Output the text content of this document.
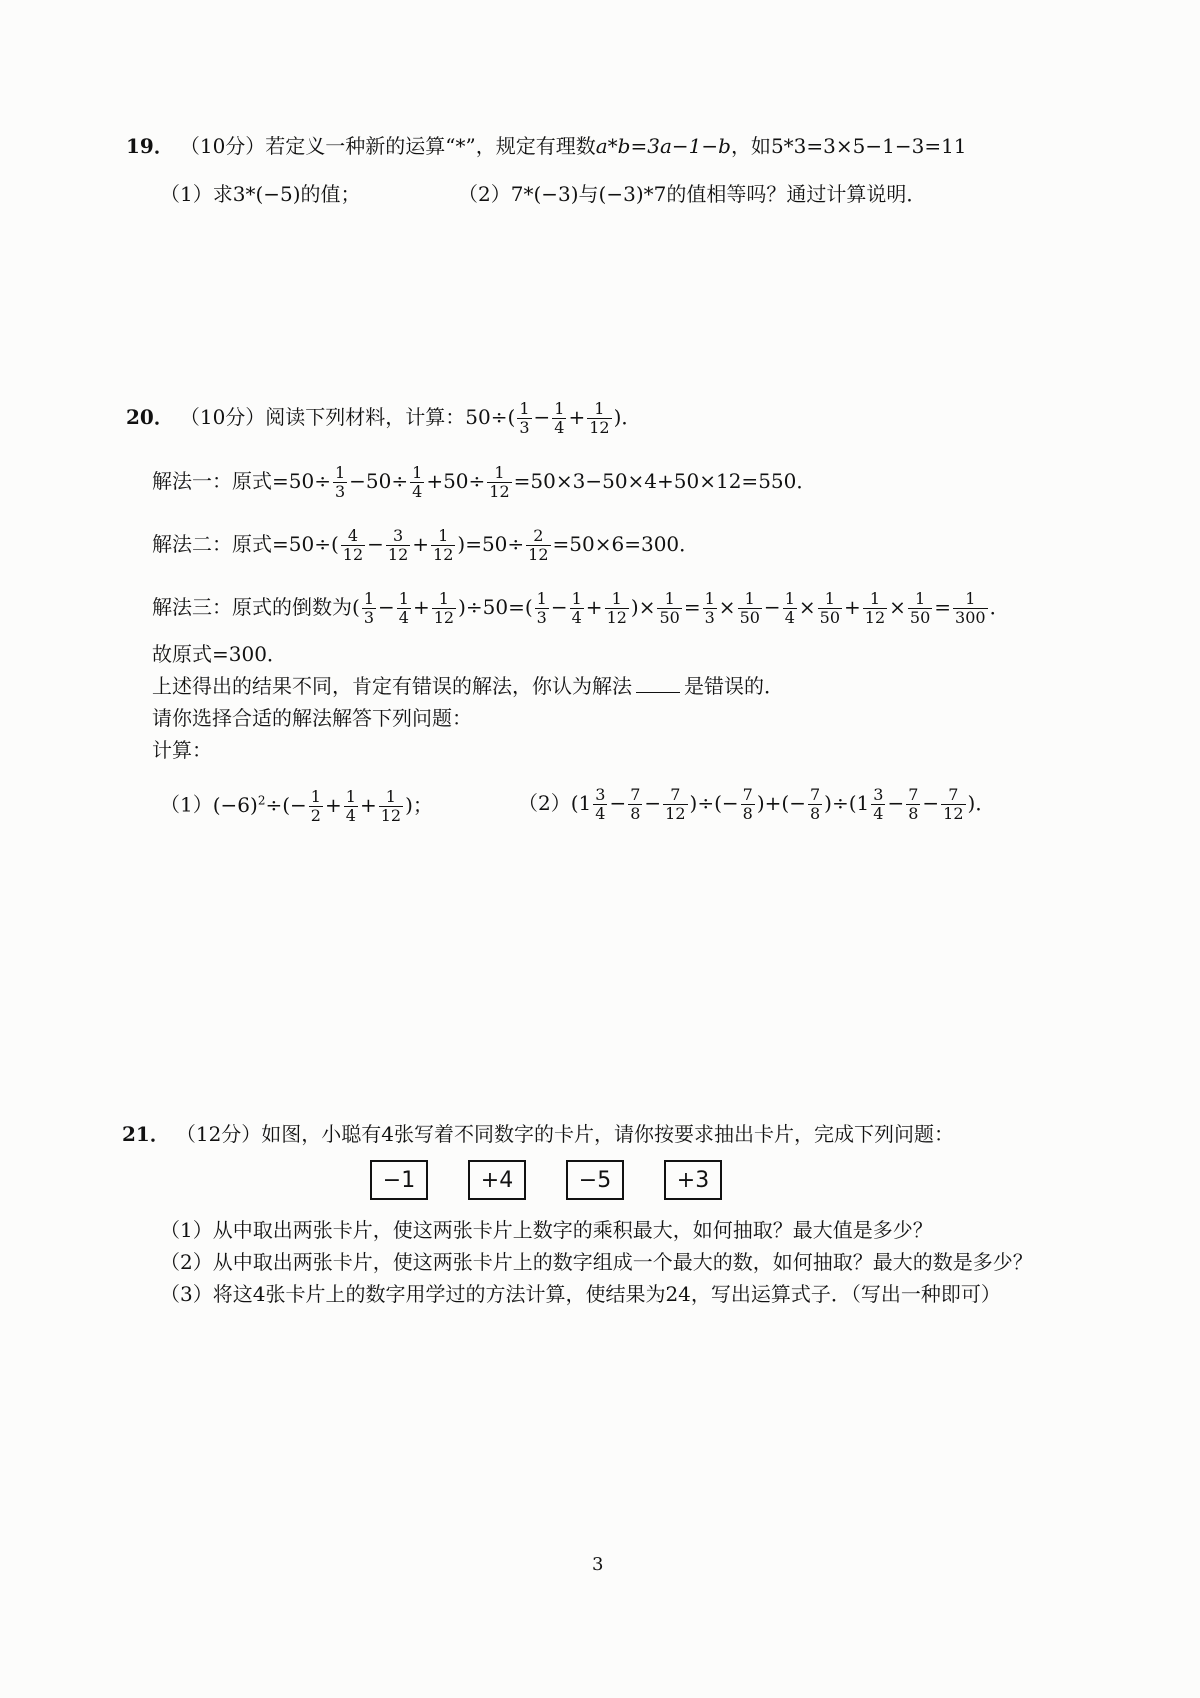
19． （10分）若定义一种新的运算“*”，规定有理数a*b=3a−1−b，如5*3=3×5−1−3=11
（1）求3*(−5)的值；	（2）7*(−3)与(−3)*7的值相等吗？通过计算说明．
20． （10分）阅读下列材料，计算：$50\div( \frac{1}{3} - \frac{1}{4} + \frac{1}{12}$ )．
解法一：原式$=50\div \frac{1}{3} -50\div \frac{1}{4} +50\div \frac{1}{12} =50\times 3-50\times 4+50\times 12=550$．
解法二：原式$=50\div( \frac{4}{12} - \frac{3}{12} + \frac{1}{12} )=50\div \frac{2}{12} =50\times 6=300$．
解法三：原式的倒数为( $\frac{1}{3} - \frac{1}{4} + \frac{1}{12} )\div 50=( \frac{1}{3} - \frac{1}{4} + \frac{1}{12}$ )× $\frac{1}{50} = \frac{1}{3} \times \frac{1}{50} - \frac{1}{4} \times \frac{1}{50} + \frac{1}{12} \times \frac{1}{50} = \frac{1}{300}$ ．
故原式=300．
上述得出的结果不同，肯定有错误的解法，你认为解法	是错误的．
请你选择合适的解法解答下列问题：
计算：
$(1)(-6)^2\div(- \frac{1}{2} + \frac{1}{4} + \frac{1}{12}$ )；	$(2)(1 \frac{3}{4} - \frac{7}{8} - \frac{7}{12}$ )÷(− $\frac{7}{8}$ )+(− $\frac{7}{8} )\div(1 \frac{3}{4} - \frac{7}{8} - \frac{7}{12}$ )．
21． （12分）如图，小聪有4张写着不同数字的卡片，请你按要求抽出卡片，完成下列问题：
−1	+4	−5	+3
（1）从中取出两张卡片，使这两张卡片上数字的乘积最大，如何抽取？最大值是多少？
（2）从中取出两张卡片，使这两张卡片上的数字组成一个最大的数，如何抽取？最大的数是多少？
（3）将这4张卡片上的数字用学过的方法计算，使结果为24，写出运算式子．（写出一种即可）
3
